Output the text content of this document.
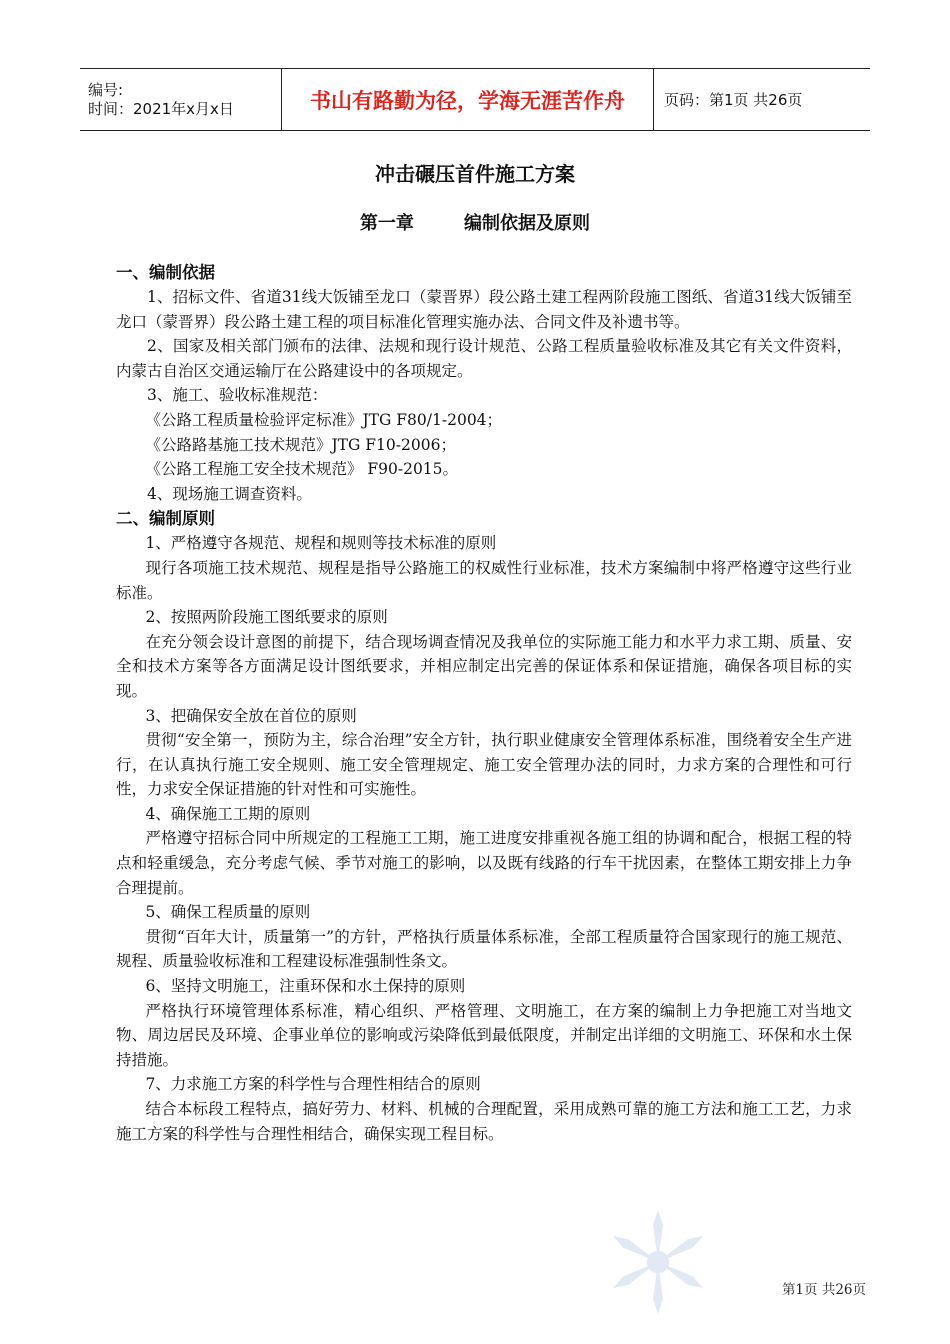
编号:
时间：2021年x月x日	书山有路勤为径，学海无涯苦作舟	页码：第1页 共26页
冲击碾压首件施工方案
第一章        编制依据及原则
一、编制依据

1、招标文件、省道31线大饭铺至龙口（蒙晋界）段公路土建工程两阶段施工图纸、省道31线大饭铺至龙口（蒙晋界）段公路土建工程的项目标准化管理实施办法、合同文件及补遗书等。

2、国家及相关部门颁布的法律、法规和现行设计规范、公路工程质量验收标准及其它有关文件资料，内蒙古自治区交通运输厅在公路建设中的各项规定。

3、施工、验收标准规范：

《公路工程质量检验评定标准》JTG F80/1-2004；

《公路路基施工技术规范》JTG F10-2006；

《公路工程施工安全技术规范》 F90-2015。

4、现场施工调查资料。

二、编制原则

1、严格遵守各规范、规程和规则等技术标准的原则

现行各项施工技术规范、规程是指导公路施工的权威性行业标准，技术方案编制中将严格遵守这些行业标准。

2、按照两阶段施工图纸要求的原则

在充分领会设计意图的前提下，结合现场调查情况及我单位的实际施工能力和水平力求工期、质量、安全和技术方案等各方面满足设计图纸要求，并相应制定出完善的保证体系和保证措施，确保各项目标的实现。

3、把确保安全放在首位的原则

贯彻“安全第一，预防为主，综合治理”安全方针，执行职业健康安全管理体系标准，围绕着安全生产进行，在认真执行施工安全规则、施工安全管理规定、施工安全管理办法的同时，力求方案的合理性和可行性，力求安全保证措施的针对性和可实施性。

4、确保施工工期的原则

严格遵守招标合同中所规定的工程施工工期，施工进度安排重视各施工组的协调和配合，根据工程的特点和轻重缓急，充分考虑气候、季节对施工的影响，以及既有线路的行车干扰因素，在整体工期安排上力争合理提前。

5、确保工程质量的原则

贯彻“百年大计，质量第一”的方针，严格执行质量体系标准，全部工程质量符合国家现行的施工规范、规程、质量验收标准和工程建设标准强制性条文。

6、坚持文明施工，注重环保和水土保持的原则

严格执行环境管理体系标准，精心组织、严格管理、文明施工，在方案的编制上力争把施工对当地文物、周边居民及环境、企事业单位的影响或污染降低到最低限度，并制定出详细的文明施工、环保和水土保持措施。

7、力求施工方案的科学性与合理性相结合的原则

结合本标段工程特点，搞好劳力、材料、机械的合理配置，采用成熟可靠的施工方法和施工工艺，力求施工方案的科学性与合理性相结合，确保实现工程目标。

第1页 共26页
